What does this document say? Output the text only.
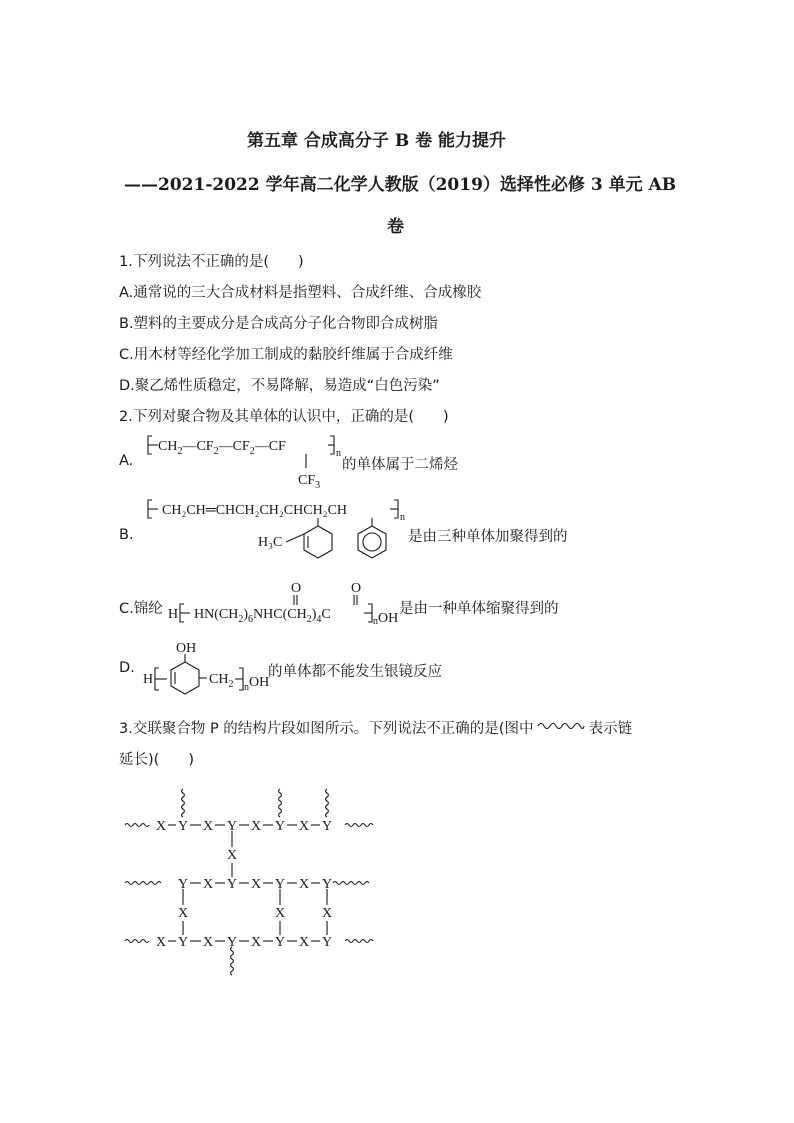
第五章 合成高分子 B 卷 能力提升
——2021-2022 学年高二化学人教版（2019）选择性必修 3 单元 AB
卷
1.下列说法不正确的是(　　)
A.通常说的三大合成材料是指塑料、合成纤维、合成橡胶
B.塑料的主要成分是合成高分子化合物即合成树脂
C.用木材等经化学加工制成的黏胶纤维属于合成纤维
D.聚乙烯性质稳定，不易降解，易造成“白色污染”
2.下列对聚合物及其单体的认识中，正确的是(　　)
A.
$CH_2—CF_2—CF_2—CF$	n
$CF_3$
的单体属于二烯烃
B.
CH₂CH═CHCH₂CH₂CHCH₂CH	n
H₃C	是由三种单体加聚得到的
C.锦纶 H $HN(CH_2)_6NHC(CH_2)_4C$	n OH
O	O
是由一种单体缩聚得到的
D.
H
OH
$CH_2$ n OH
的单体都不能发生银镜反应
3.交联聚合物 P 的结构片段如图所示。下列说法不正确的是(图中	表示链
延长)(　　)
X Y X Y X Y X Y
X
Y X Y X Y X Y
X	X	X
X Y X Y X Y X Y
